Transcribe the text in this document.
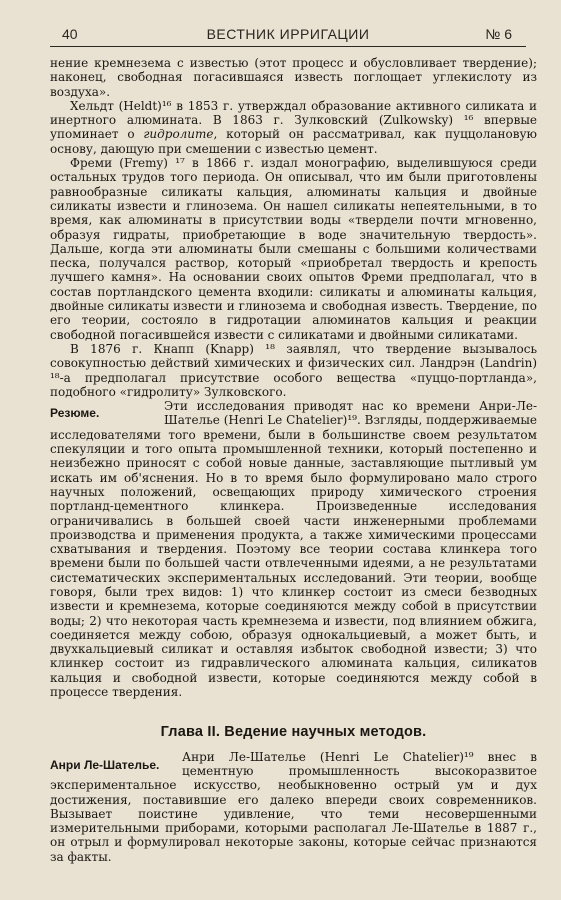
40	ВЕСТНИК ИРРИГАЦИИ	№ 6

нение кремнезема с известью (этот процесс и обусловливает твердение); наконец, свободная погасившаяся известь поглощает углекислоту из воздуха».

Хельдт (Heldt)¹⁶ в 1853 г. утверждал образование активного силиката и инертного алюмината. В 1863 г. Зулковский (Zulkowsky) ¹⁶ впервые упоминает о гидролите, который он рассматривал, как пуццолановую основу, дающую при смешении с известью цемент.

Фреми (Fremy) ¹⁷ в 1866 г. издал монографию, выделившуюся среди остальных трудов того периода. Он описывал, что им были приготовлены равнообразные силикаты кальция, алюминаты кальция и двойные силикаты извести и глинозема. Он нашел силикаты непеятельными, в то время, как алюминаты в присутствии воды «твердели почти мгновенно, образуя гидраты, приобретающие в воде значительную твердость». Дальше, когда эти алюминаты были смешаны с большими количествами песка, получался раствор, который «приобретал твердость и крепость лучшего камня». На основании своих опытов Фреми предполагал, что в состав портландского цемента входили: силикаты и алюминаты кальция, двойные силикаты извести и глинозема и свободная известь. Твердение, по его теории, состояло в гидротации алюминатов кальция и реакции свободной погасившейся извести с силикатами и двойными силикатами.

В 1876 г. Кнапп (Knapp) ¹⁸ заявлял, что твердение вызывалось совокупностью действий химических и физических сил. Ландрэн (Landrin) ¹⁸-а предполагал присутствие особого вещества «пуццо-портланда», подобного «гидролиту» Зулковского.

Резюме.	Эти исследования приводят нас ко времени Анри-Ле-Шателье (Henri Le Chatelier)¹⁹. Взгляды, поддерживаемые исследователями того времени, были в большинстве своем результатом спекуляции и того опыта промышленной техники, который постепенно и неизбежно приносят с собой новые данные, заставляющие пытливый ум искать им об'яснения. Но в то время было формулировано мало строго научных положений, освещающих природу химического строения портланд-цементного клинкера. Произведенные исследования ограничивались в большей своей части инженерными проблемами производства и применения продукта, а также химическими процессами схватывания и твердения. Поэтому все теории состава клинкера того времени были по большей части отвлеченными идеями, а не результатами систематических экспериментальных исследований. Эти теории, вообще говоря, были трех видов: 1) что клинкер состоит из смеси безводных извести и кремнезема, которые соединяются между собой в присутствии воды; 2) что некоторая часть кремнезема и извести, под влиянием обжига, соединяется между собою, образуя однокальциевый, а может быть, и двухкальциевый силикат и оставляя избыток свободной извести; 3) что клинкер состоит из гидравлического алюмината кальция, силикатов кальция и свободной извести, которые соединяются между собой в процессе твердения.

Глава II. Ведение научных методов.
Анри Ле-Шателье.

Анри Ле-Шателье (Henri Le Chatelier)¹⁹ внес в цементную промышленность высокоразвитое экспериментальное искусство, необыкновенно острый ум и дух достижения, поставившие его далеко впереди своих современников. Вызывает поистине удивление, что теми несовершенными измерительными приборами, которыми располагал Ле-Шателье в 1887 г., он отрыл и формулировал некоторые законы, которые сейчас признаются за факты.
